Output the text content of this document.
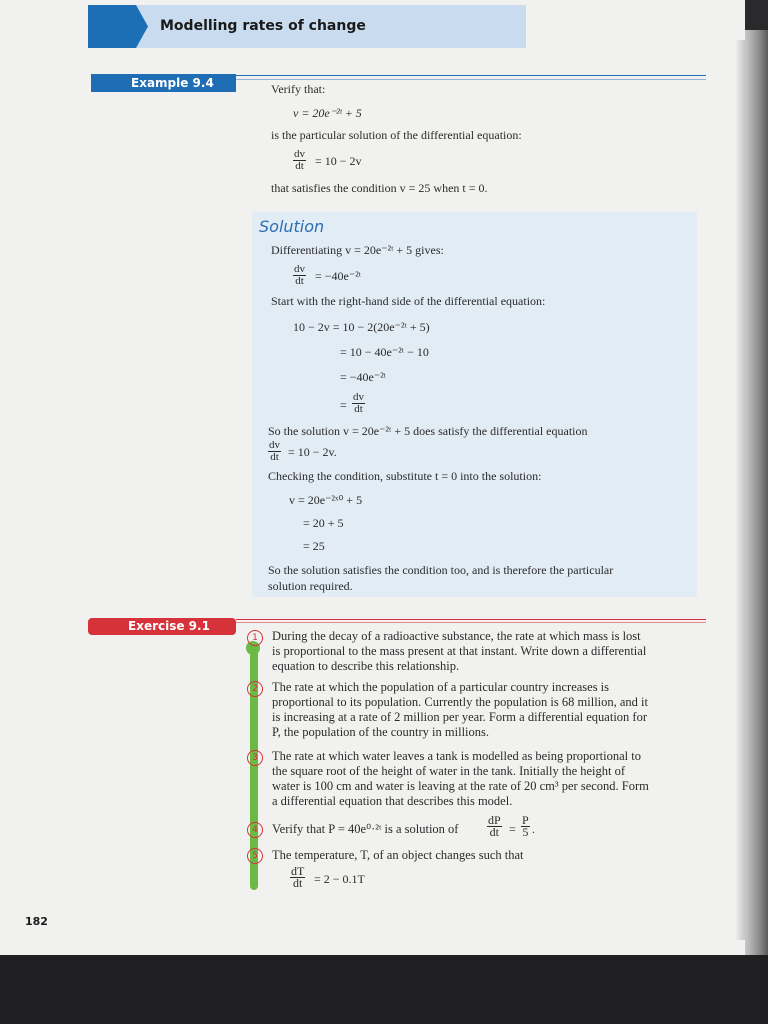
Modelling rates of change
Example 9.4	Verify that:
v = 20e⁻²ᵗ + 5
is the particular solution of the differential equation:
$\frac{dv}{dt} = 10 - 2v$
that satisfies the condition v = 25 when t = 0.
Solution
Differentiating v = 20e⁻²ᵗ + 5 gives:
$\frac{dv}{dt}$ = −40e⁻²ᵗ
Start with the right-hand side of the differential equation:
10 − 2v = 10 − 2(20e⁻²ᵗ + 5)
= 10 − 40e⁻²ᵗ − 10
= −40e⁻²ᵗ
= $\frac{dv}{dt}$
So the solution v = 20e⁻²ᵗ + 5 does satisfy the differential equation
$\frac{dv}{dt} = 10 - 2v$.
Checking the condition, substitute t = 0 into the solution:
v = 20e⁻²ˣ⁰ + 5
= 20 + 5
= 25
So the solution satisfies the condition too, and is therefore the particular
solution required.
Exercise 9.1
1	During the decay of a radioactive substance, the rate at which mass is lost
is proportional to the mass present at that instant. Write down a differential
equation to describe this relationship.
2	The rate at which the population of a particular country increases is
proportional to its population. Currently the population is 68 million, and it
is increasing at a rate of 2 million per year. Form a differential equation for
P, the population of the country in millions.
3	The rate at which water leaves a tank is modelled as being proportional to
the square root of the height of water in the tank. Initially the height of
water is 100 cm and water is leaving at the rate of 20 cm³ per second. Form
a differential equation that describes this model.
4	Verify that P = 40e⁰·²ᵗ is a solution of $\frac{dP}{dt} = \frac{P}{5}$ .
5	The temperature, T, of an object changes such that
$\frac{dT}{dt} = 2 - 0.1T$
182
